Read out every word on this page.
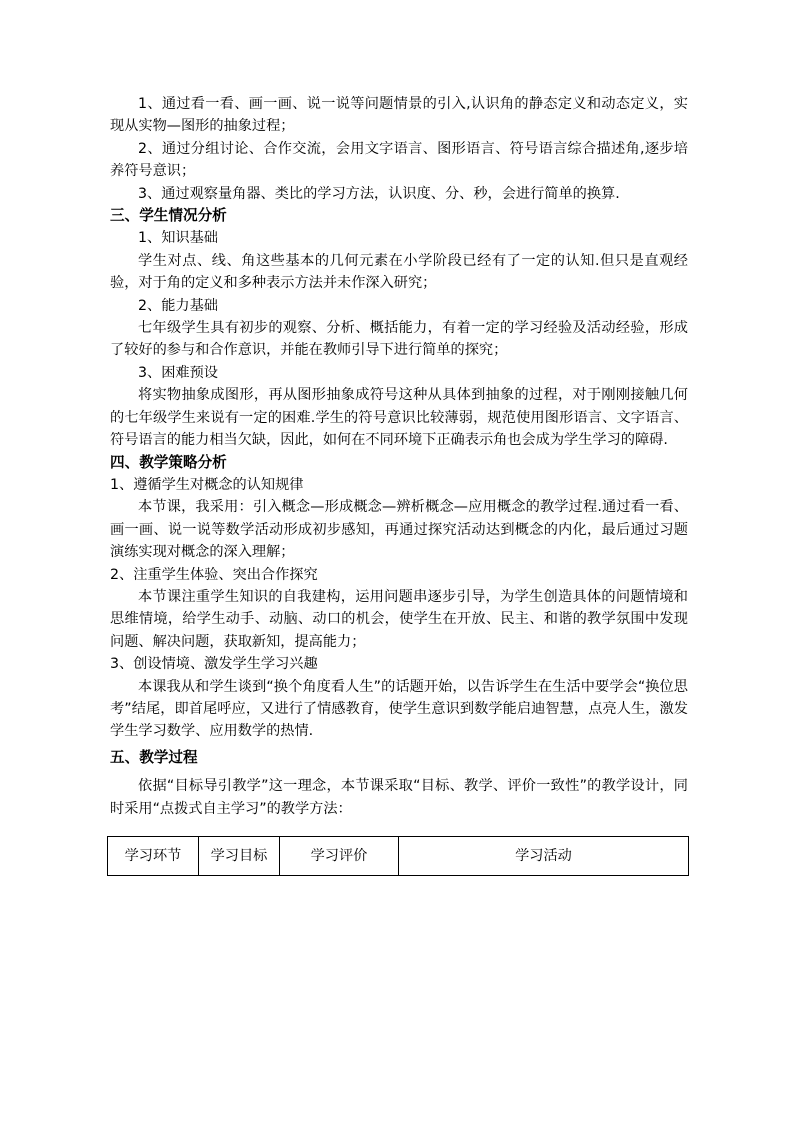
1、通过看一看、画一画、说一说等问题情景的引入,认识角的静态定义和动态定义，实现从实物—图形的抽象过程；

2、通过分组讨论、合作交流，会用文字语言、图形语言、符号语言综合描述角,逐步培养符号意识；

3、通过观察量角器、类比的学习方法，认识度、分、秒，会进行简单的换算.

三、学生情况分析

1、知识基础

学生对点、线、角这些基本的几何元素在小学阶段已经有了一定的认知.但只是直观经验，对于角的定义和多种表示方法并未作深入研究；

2、能力基础

七年级学生具有初步的观察、分析、概括能力，有着一定的学习经验及活动经验，形成了较好的参与和合作意识，并能在教师引导下进行简单的探究；

3、困难预设

将实物抽象成图形，再从图形抽象成符号这种从具体到抽象的过程，对于刚刚接触几何的七年级学生来说有一定的困难.学生的符号意识比较薄弱，规范使用图形语言、文字语言、符号语言的能力相当欠缺，因此，如何在不同环境下正确表示角也会成为学生学习的障碍.

四、教学策略分析

1、遵循学生对概念的认知规律

本节课，我采用：引入概念—形成概念—辨析概念—应用概念的教学过程.通过看一看、画一画、说一说等数学活动形成初步感知，再通过探究活动达到概念的内化，最后通过习题演练实现对概念的深入理解；

2、注重学生体验、突出合作探究

本节课注重学生知识的自我建构，运用问题串逐步引导，为学生创造具体的问题情境和思维情境，给学生动手、动脑、动口的机会，使学生在开放、民主、和谐的教学氛围中发现问题、解决问题，获取新知，提高能力；

3、创设情境、激发学生学习兴趣

本课我从和学生谈到“换个角度看人生”的话题开始，以告诉学生在生活中要学会“换位思考”结尾，即首尾呼应，又进行了情感教育，使学生意识到数学能启迪智慧，点亮人生，激发学生学习数学、应用数学的热情.

五、教学过程

依据“目标导引教学”这一理念，本节课采取“目标、教学、评价一致性”的教学设计，同时采用“点拨式自主学习”的教学方法：

学习环节	学习目标	学习评价	学习活动
